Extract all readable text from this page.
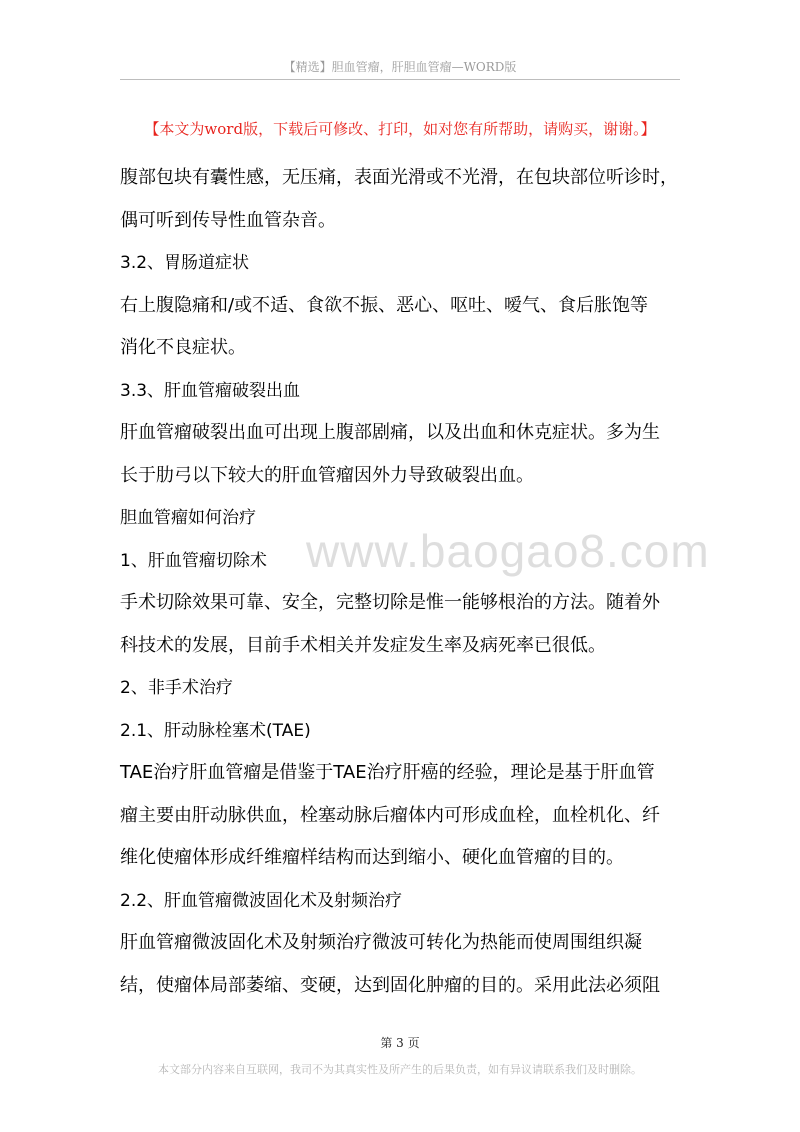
【精选】胆血管瘤，肝胆血管瘤—WORD版
【本文为word版，下载后可修改、打印，如对您有所帮助，请购买，谢谢。】
www.baogao8.com
腹部包块有囊性感，无压痛，表面光滑或不光滑，在包块部位听诊时，
偶可听到传导性血管杂音。
3.2、胃肠道症状
右上腹隐痛和/或不适、食欲不振、恶心、呕吐、嗳气、食后胀饱等
消化不良症状。
3.3、肝血管瘤破裂出血
肝血管瘤破裂出血可出现上腹部剧痛，以及出血和休克症状。多为生
长于肋弓以下较大的肝血管瘤因外力导致破裂出血。
胆血管瘤如何治疗
1、肝血管瘤切除术
手术切除效果可靠、安全，完整切除是惟一能够根治的方法。随着外
科技术的发展，目前手术相关并发症发生率及病死率已很低。
2、非手术治疗
2.1、肝动脉栓塞术(TAE)
TAE治疗肝血管瘤是借鉴于TAE治疗肝癌的经验，理论是基于肝血管
瘤主要由肝动脉供血，栓塞动脉后瘤体内可形成血栓，血栓机化、纤
维化使瘤体形成纤维瘤样结构而达到缩小、硬化血管瘤的目的。
2.2、肝血管瘤微波固化术及射频治疗
肝血管瘤微波固化术及射频治疗微波可转化为热能而使周围组织凝
结，使瘤体局部萎缩、变硬，达到固化肿瘤的目的。采用此法必须阻
第 3 页
本文部分内容来自互联网，我司不为其真实性及所产生的后果负责，如有异议请联系我们及时删除。
